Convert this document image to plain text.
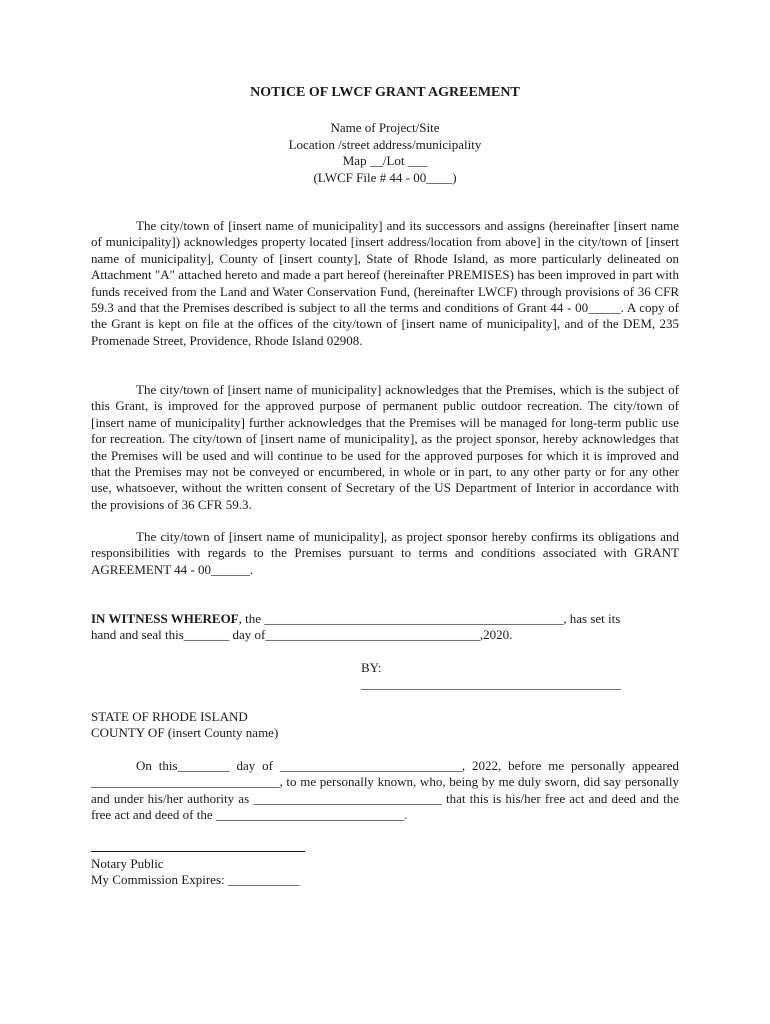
NOTICE OF LWCF GRANT AGREEMENT
Name of Project/Site
Location /street address/municipality
Map __/Lot ___
(LWCF File # 44 - 00____)
The city/town of [insert name of municipality] and its successors and assigns (hereinafter [insert name of municipality]) acknowledges property located [insert address/location from above] in the city/town of [insert name of municipality], County of [insert county], State of Rhode Island, as more particularly delineated on Attachment "A" attached hereto and made a part hereof (hereinafter PREMISES) has been improved in part with funds received from the Land and Water Conservation Fund, (hereinafter LWCF) through provisions of 36 CFR 59.3 and that the Premises described is subject to all the terms and conditions of Grant 44 - 00_____. A copy of the Grant is kept on file at the offices of the city/town of [insert name of municipality], and of the DEM, 235 Promenade Street, Providence, Rhode Island 02908.
The city/town of [insert name of municipality] acknowledges that the Premises, which is the subject of this Grant, is improved for the approved purpose of permanent public outdoor recreation. The city/town of [insert name of municipality] further acknowledges that the Premises will be managed for long-term public use for recreation. The city/town of [insert name of municipality], as the project sponsor, hereby acknowledges that the Premises will be used and will continue to be used for the approved purposes for which it is improved and that the Premises may not be conveyed or encumbered, in whole or in part, to any other party or for any other use, whatsoever, without the written consent of Secretary of the US Department of Interior in accordance with the provisions of 36 CFR 59.3.
The city/town of [insert name of municipality], as project sponsor hereby confirms its obligations and responsibilities with regards to the Premises pursuant to terms and conditions associated with GRANT AGREEMENT 44 - 00______.
IN WITNESS WHEREOF, the ______________________________________________, has set its
hand and seal this_______ day of_________________________________,2020.
BY:
________________________________________
STATE OF RHODE ISLAND
COUNTY OF (insert County name)
On this________ day of ____________________________, 2022, before me personally appeared _____________________________, to me personally known, who, being by me duly sworn, did say personally and under his/her authority as _____________________________ that this is his/her free act and deed and the free act and deed of the _____________________________.
Notary Public
My Commission Expires: ___________
